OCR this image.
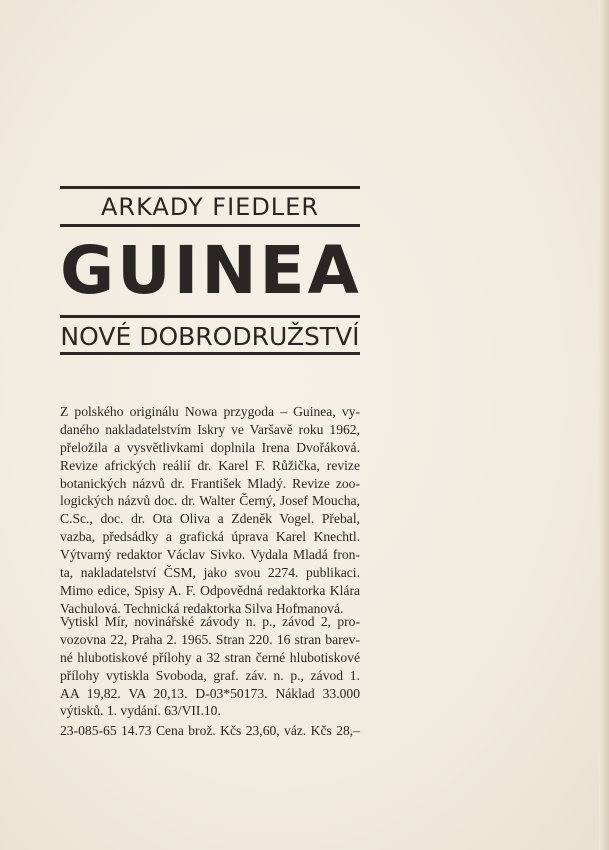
ARKADY FIEDLER
GUINEA
NOVÉ DOBRODRUŽSTVÍ
Z polského originálu Nowa przygoda – Guinea, vy-
daného nakladatelstvím Iskry ve Varšavě roku 1962,
přeložila a vysvětlivkami doplnila Irena Dvořáková.
Revize afrických reálií dr. Karel F. Růžička, revize
botanických názvů dr. František Mladý. Revize zoo-
logických názvů doc. dr. Walter Černý, Josef Moucha,
C.Sc., doc. dr. Ota Oliva a Zdeněk Vogel. Přebal,
vazba, předsádky a grafická úprava Karel Knechtl.
Výtvarný redaktor Václav Sivko. Vydala Mladá fron-
ta, nakladatelství ČSM, jako svou 2274. publikaci.
Mimo edice, Spisy A. F. Odpovědná redaktorka Klára
Vachulová. Technická redaktorka Silva Hofmanová.
Vytiskl Mír, novinářské závody n. p., závod 2, pro-
vozovna 22, Praha 2. 1965. Stran 220. 16 stran barev-
né hlubotiskové přílohy a 32 stran černé hlubotiskové
přílohy vytiskla Svoboda, graf. záv. n. p., závod 1.
AA 19,82. VA 20,13. D-03*50173. Náklad 33.000
výtisků. 1. vydání. 63/VII.10.
23-085-65 14.73 Cena brož. Kčs 23,60, váz. Kčs 28,–
